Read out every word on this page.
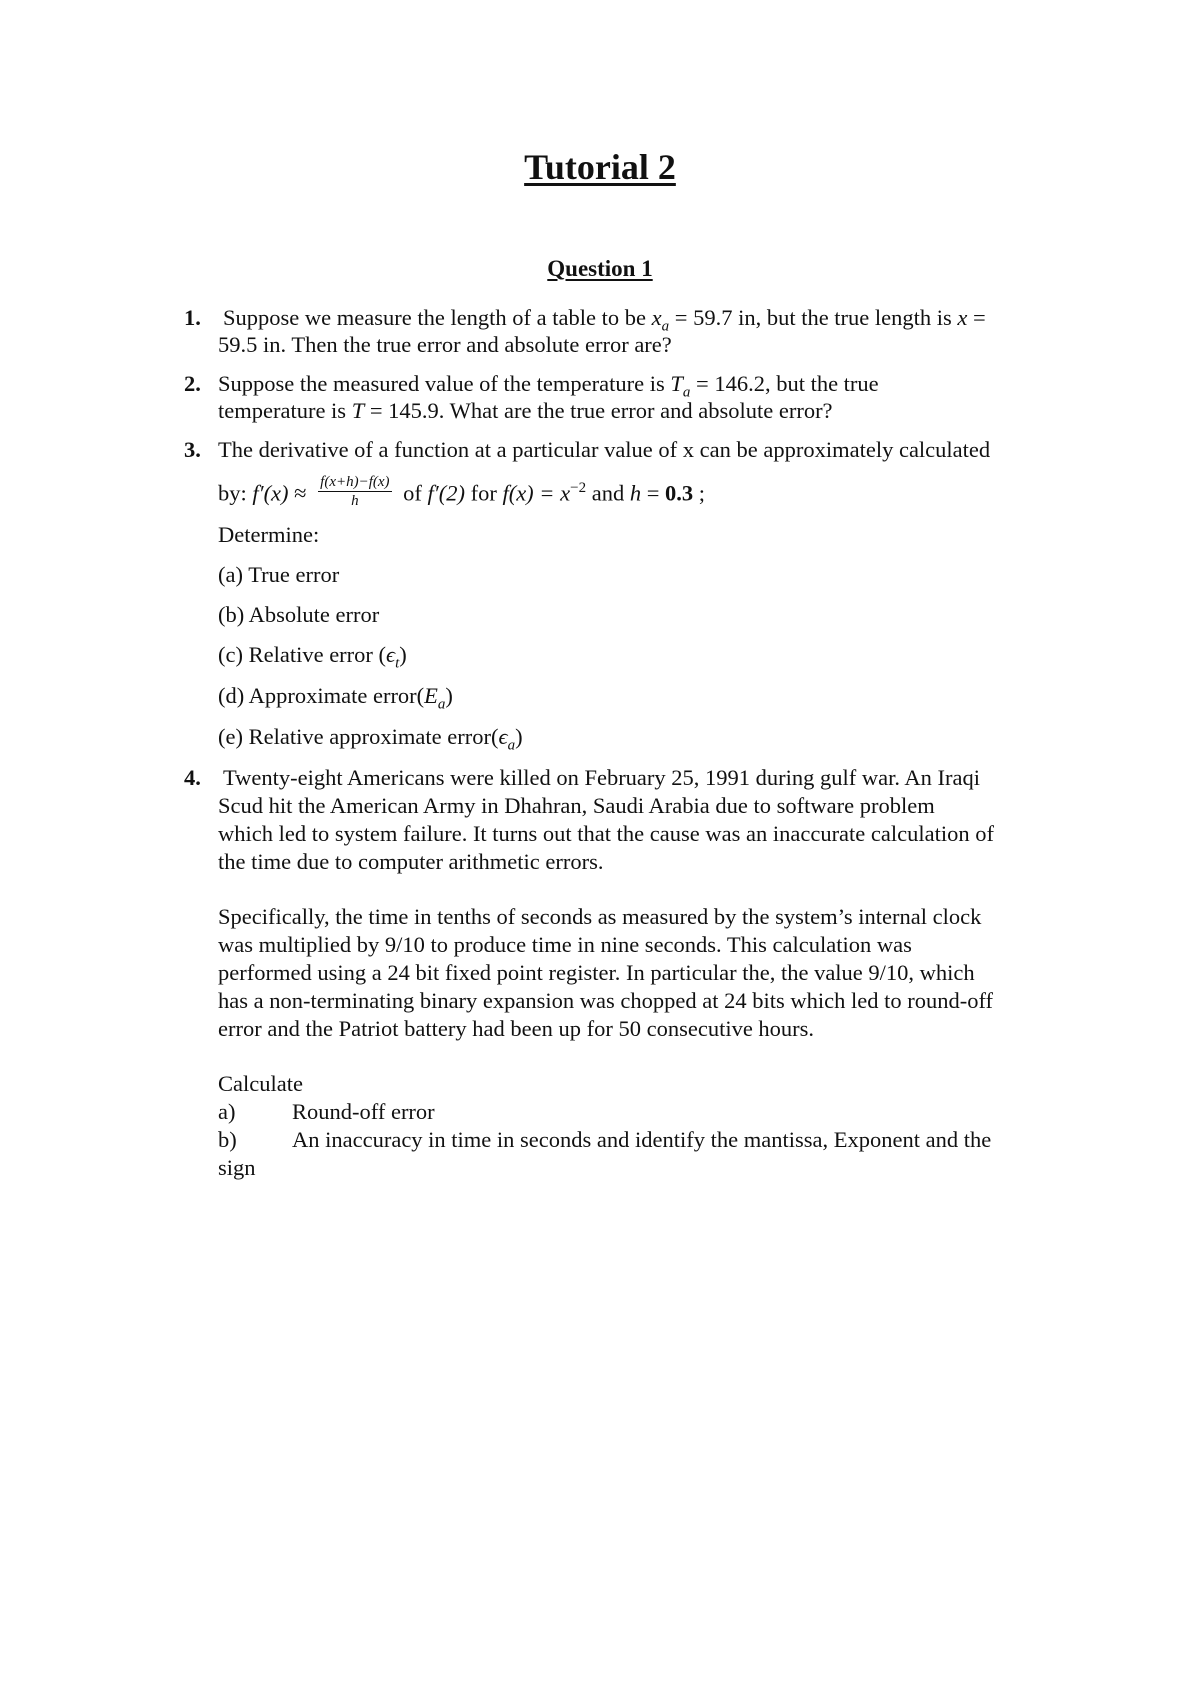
Tutorial 2
Question 1
1. Suppose we measure the length of a table to be $x_a = 59.7$ in, but the true length is x =
59.5 in. Then the true error and absolute error are?
2. Suppose the measured value of the temperature is $T_a = 146.2$, but the true
temperature is T = 145.9. What are the true error and absolute error?
3. The derivative of a function at a particular value of x can be approximately calculated
by: $f'(x) \approx \frac{f(x+h)-f(x)}{h}$ of f′(2) for $f(x) = x^{-2}$ and h = 0.3 ;
Determine:
(a) True error
(b) Absolute error
(c) Relative error $(\epsilon_t)$
(d) Approximate $error(E_a)$
(e) Relative approximate $error(\epsilon_a)$
4. Twenty-eight Americans were killed on February 25, 1991 during gulf war. An Iraqi
Scud hit the American Army in Dhahran, Saudi Arabia due to software problem
which led to system failure. It turns out that the cause was an inaccurate calculation of
the time due to computer arithmetic errors.
Specifically, the time in tenths of seconds as measured by the system’s internal clock
was multiplied by 9/10 to produce time in nine seconds. This calculation was
performed using a 24 bit fixed point register. In particular the, the value 9/10, which
has a non-terminating binary expansion was chopped at 24 bits which led to round-off
error and the Patriot battery had been up for 50 consecutive hours.
Calculate
a)	Round-off error
b) An inaccuracy in time in seconds and identify the mantissa, Exponent and the
sign
